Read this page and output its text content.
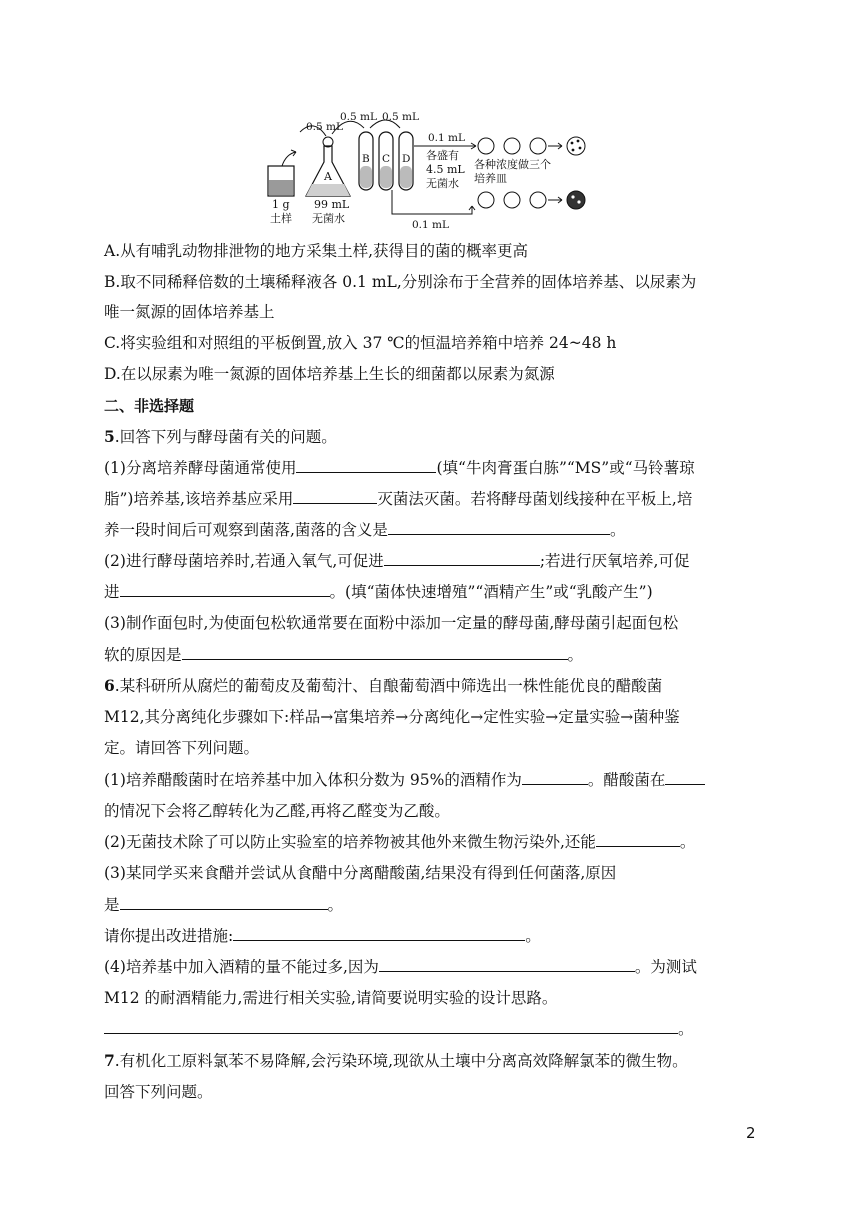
1 g
土样
A
99 mL
无菌水
0.5 mL
0.5 mL 0.5 mL
B C D
0.1 mL
各盛有
4.5 mL
无菌水
各种浓度做三个
培养皿
0.1 mL
A.从有哺乳动物排泄物的地方采集土样,获得目的菌的概率更高
B.取不同稀释倍数的土壤稀释液各 0.1 mL,分别涂布于全营养的固体培养基、以尿素为
唯一氮源的固体培养基上
C.将实验组和对照组的平板倒置,放入 37 ℃的恒温培养箱中培养 24~48 h
D.在以尿素为唯一氮源的固体培养基上生长的细菌都以尿素为氮源
二、非选择题
5.回答下列与酵母菌有关的问题。
(1)分离培养酵母菌通常使用	(填“牛肉膏蛋白胨”“MS”或“马铃薯琼
脂”)培养基,该培养基应采用	灭菌法灭菌。若将酵母菌划线接种在平板上,培
养一段时间后可观察到菌落,菌落的含义是	。
(2)进行酵母菌培养时,若通入氧气,可促进	;若进行厌氧培养,可促
进	。(填“菌体快速增殖”“酒精产生”或“乳酸产生”)
(3)制作面包时,为使面包松软通常要在面粉中添加一定量的酵母菌,酵母菌引起面包松
软的原因是	。
6.某科研所从腐烂的葡萄皮及葡萄汁、自酿葡萄酒中筛选出一株性能优良的醋酸菌
M12,其分离纯化步骤如下:样品→富集培养→分离纯化→定性实验→定量实验→菌种鉴
定。请回答下列问题。
(1)培养醋酸菌时在培养基中加入体积分数为 95%的酒精作为	。醋酸菌在
的情况下会将乙醇转化为乙醛,再将乙醛变为乙酸。
(2)无菌技术除了可以防止实验室的培养物被其他外来微生物污染外,还能	。
(3)某同学买来食醋并尝试从食醋中分离醋酸菌,结果没有得到任何菌落,原因
是	。
请你提出改进措施:	。
(4)培养基中加入酒精的量不能过多,因为	。为测试
M12 的耐酒精能力,需进行相关实验,请简要说明实验的设计思路。
。
7.有机化工原料氯苯不易降解,会污染环境,现欲从土壤中分离高效降解氯苯的微生物。
回答下列问题。
2
